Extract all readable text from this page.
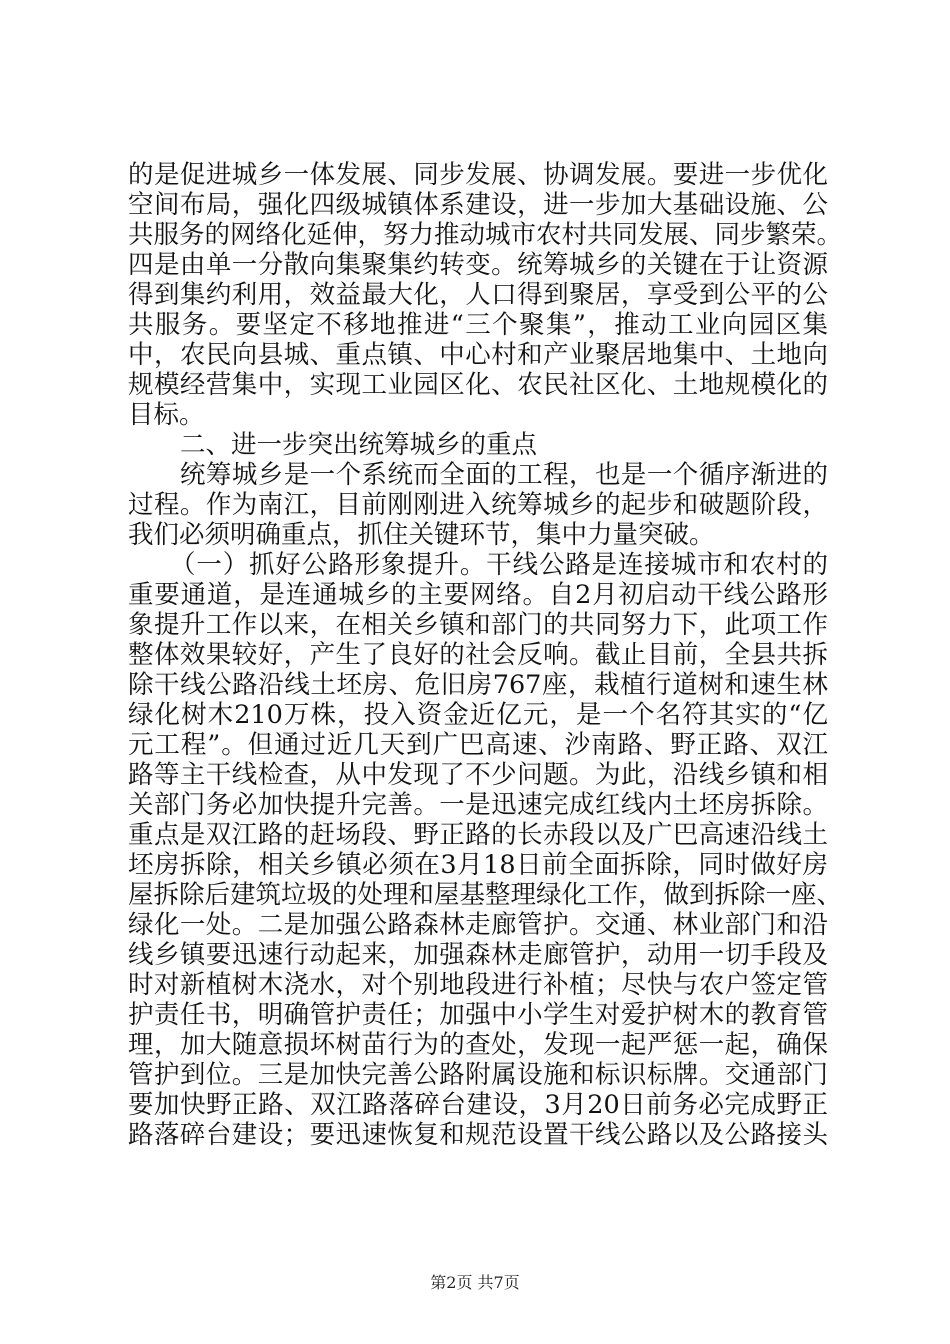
的是促进城乡一体发展、同步发展、协调发展。要进一步优化
空间布局，强化四级城镇体系建设，进一步加大基础设施、公
共服务的网络化延伸，努力推动城市农村共同发展、同步繁荣。
四是由单一分散向集聚集约转变。统筹城乡的关键在于让资源
得到集约利用，效益最大化，人口得到聚居，享受到公平的公
共服务。要坚定不移地推进“三个聚集”，推动工业向园区集
中，农民向县城、重点镇、中心村和产业聚居地集中、土地向
规模经营集中，实现工业园区化、农民社区化、土地规模化的
目标。
二、进一步突出统筹城乡的重点
统筹城乡是一个系统而全面的工程，也是一个循序渐进的
过程。作为南江，目前刚刚进入统筹城乡的起步和破题阶段，
我们必须明确重点，抓住关键环节，集中力量突破。
（一）抓好公路形象提升。干线公路是连接城市和农村的
重要通道，是连通城乡的主要网络。自2月初启动干线公路形
象提升工作以来，在相关乡镇和部门的共同努力下，此项工作
整体效果较好，产生了良好的社会反响。截止目前，全县共拆
除干线公路沿线土坯房、危旧房767座，栽植行道树和速生林
绿化树木210万株，投入资金近亿元，是一个名符其实的“亿
元工程”。但通过近几天到广巴高速、沙南路、野正路、双江
路等主干线检查，从中发现了不少问题。为此，沿线乡镇和相
关部门务必加快提升完善。一是迅速完成红线内土坯房拆除。
重点是双江路的赶场段、野正路的长赤段以及广巴高速沿线土
坯房拆除，相关乡镇必须在3月18日前全面拆除，同时做好房
屋拆除后建筑垃圾的处理和屋基整理绿化工作，做到拆除一座、
绿化一处。二是加强公路森林走廊管护。交通、林业部门和沿
线乡镇要迅速行动起来，加强森林走廊管护，动用一切手段及
时对新植树木浇水，对个别地段进行补植；尽快与农户签定管
护责任书，明确管护责任；加强中小学生对爱护树木的教育管
理，加大随意损坏树苗行为的查处，发现一起严惩一起，确保
管护到位。三是加快完善公路附属设施和标识标牌。交通部门
要加快野正路、双江路落碎台建设，3月20日前务必完成野正
路落碎台建设；要迅速恢复和规范设置干线公路以及公路接头
第2页 共7页
